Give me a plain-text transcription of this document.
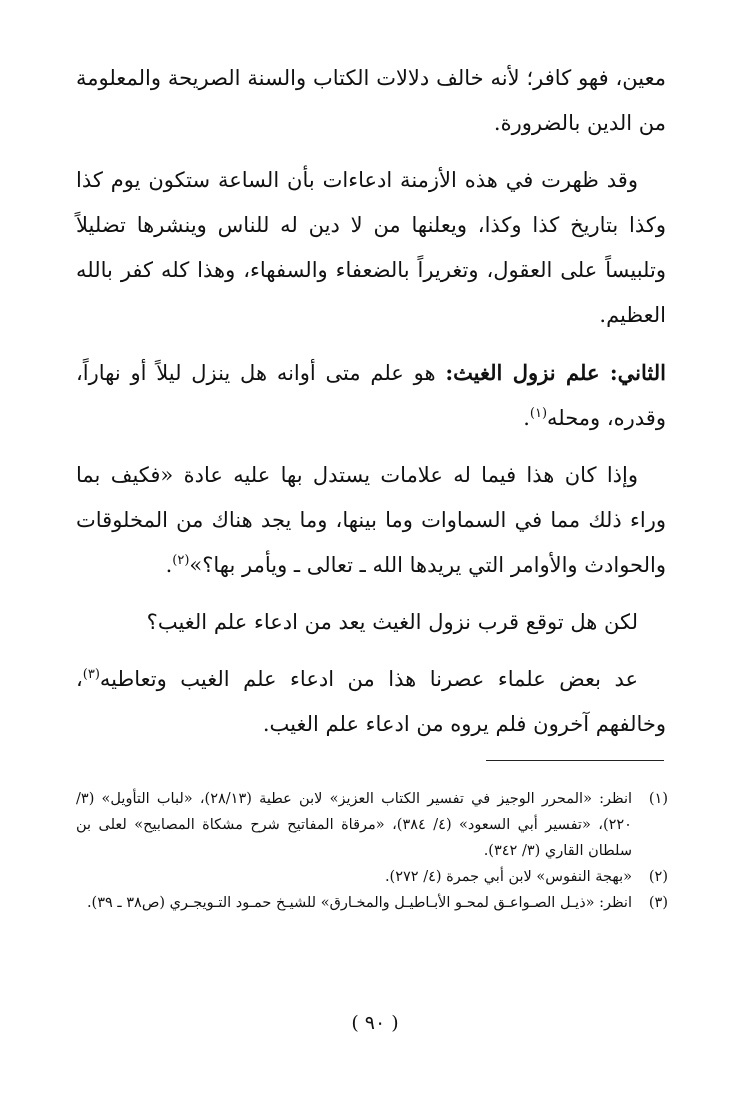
معين، فهو كافر؛ لأنه خالف دلالات الكتاب والسنة الصريحة والمعلومة من الدين بالضرورة.

وقد ظهرت في هذه الأزمنة ادعاءات بأن الساعة ستكون يوم كذا وكذا بتاريخ كذا وكذا، ويعلنها من لا دين له للناس وينشرها تضليلاً وتلبيساً على العقول، وتغريراً بالضعفاء والسفهاء، وهذا كله كفر بالله العظيم.

الثاني: علم نزول الغيث: هو علم متى أوانه هل ينزل ليلاً أو نهاراً، وقدره، ومحله$^{(١)}$.

وإذا كان هذا فيما له علامات يستدل بها عليه عادة «فكيف بما وراء ذلك مما في السماوات وما بينها، وما يجد هناك من المخلوقات والحوادث والأوامر التي يريدها الله ـ تعالى ـ ويأمر بها؟»$^{(٢)}$.

لكن هل توقع قرب نزول الغيث يعد من ادعاء علم الغيب؟

عد بعض علماء عصرنا هذا من ادعاء علم الغيب وتعاطيه$^{(٣)}$، وخالفهم آخرون فلم يروه من ادعاء علم الغيب.

(١)
انظر: «المحرر الوجيز في تفسير الكتاب العزيز» لابن عطية (٢٨/١٣)، «لباب التأويل» (٣/ ٢٢٠)، «تفسير أبي السعود» (٤/ ٣٨٤)، «مرقاة المفاتيح شرح مشكاة المصابيح» لعلى بن سلطان القاري (٣/ ٣٤٢).
(٢)
«بهجة النفوس» لابن أبي جمرة (٤/ ٢٧٢).
(٣)
انظر: «ذيـل الصـواعـق لمحـو الأبـاطيـل والمخـارق» للشيـخ حمـود التـويجـري (ص٣٨ ـ ٣٩).
( ٩٠ )
